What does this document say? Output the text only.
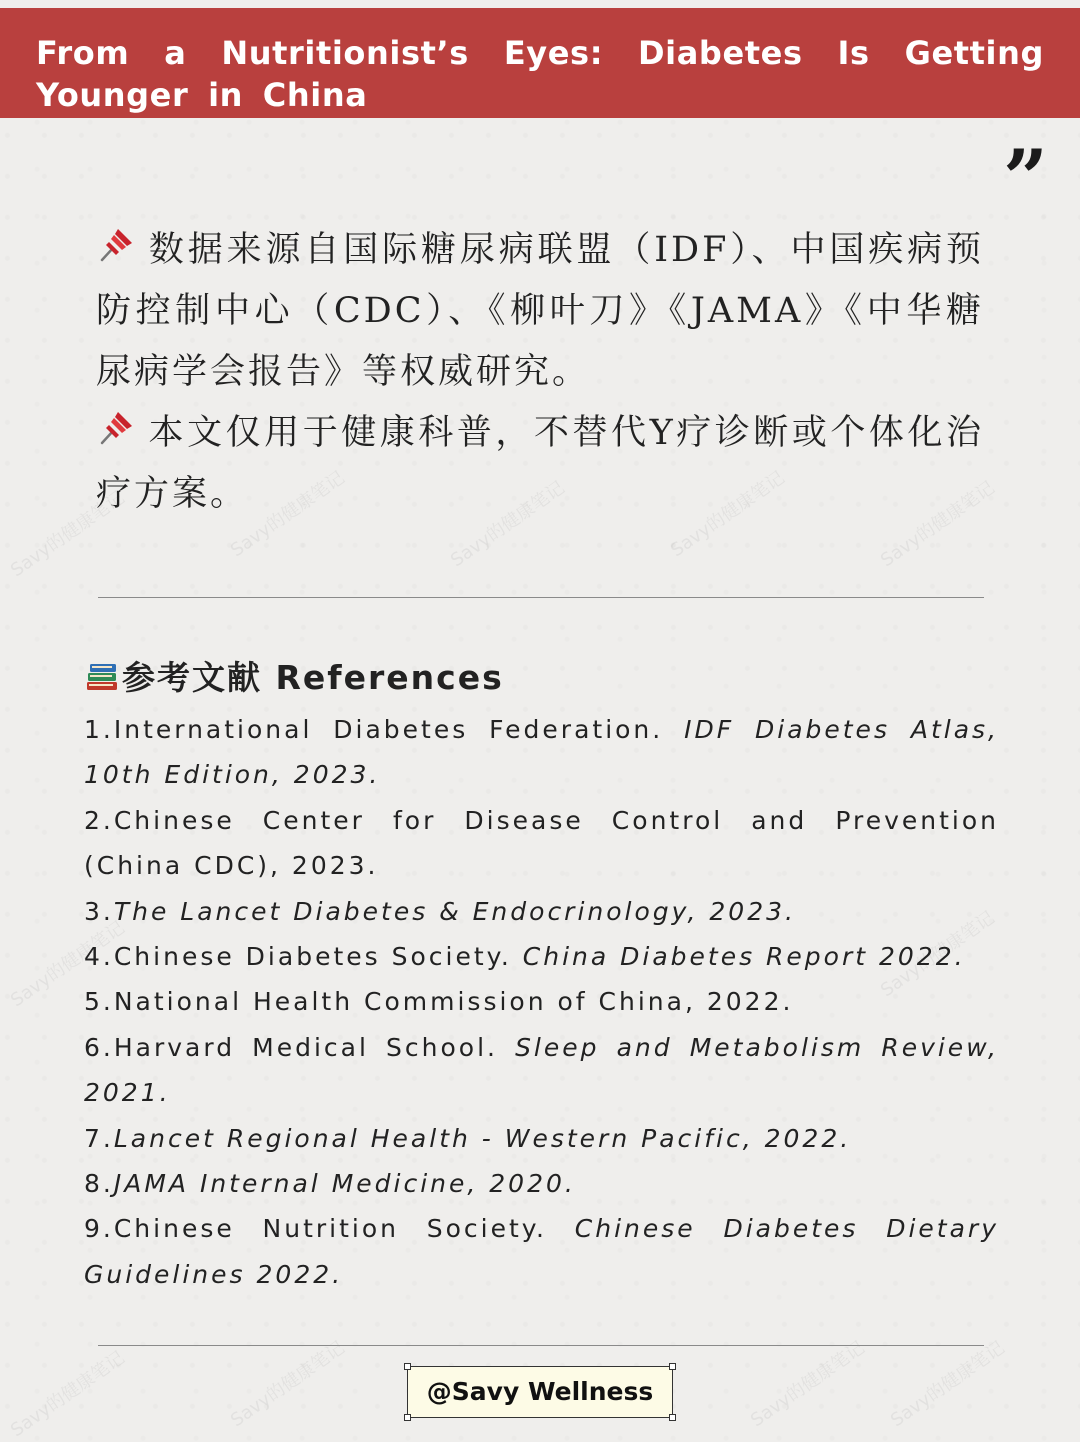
Savy的健康笔记	Savy的健康笔记	Savy的健康笔记	Savy的健康笔记	Savy的健康笔记
Savy的健康笔记	Savy的健康笔记
Savy的健康笔记	Savy的健康笔记	Savy的健康笔记 Savy的健康笔记
From a Nutritionist’s Eyes: Diabetes Is Getting Younger in China
”

数据来源自国际糖尿病联盟（IDF）、中国疾病预防控制中心（CDC）、《柳叶刀》《JAMA》《中华糖尿病学会报告》等权威研究。

本文仅用于健康科普，不替代Y疗诊断或个体化治疗方案。

参考文献 References

1.International Diabetes Federation. IDF Diabetes Atlas, 10th Edition, 2023.

2.Chinese Center for Disease Control and Prevention (China CDC), 2023.

3.The Lancet Diabetes & Endocrinology, 2023.

4.Chinese Diabetes Society. China Diabetes Report 2022.

5.National Health Commission of China, 2022.

6.Harvard Medical School. Sleep and Metabolism Review, 2021.

7.Lancet Regional Health - Western Pacific, 2022.

8.JAMA Internal Medicine, 2020.

9.Chinese Nutrition Society. Chinese Diabetes Dietary Guidelines 2022.

@Savy Wellness
